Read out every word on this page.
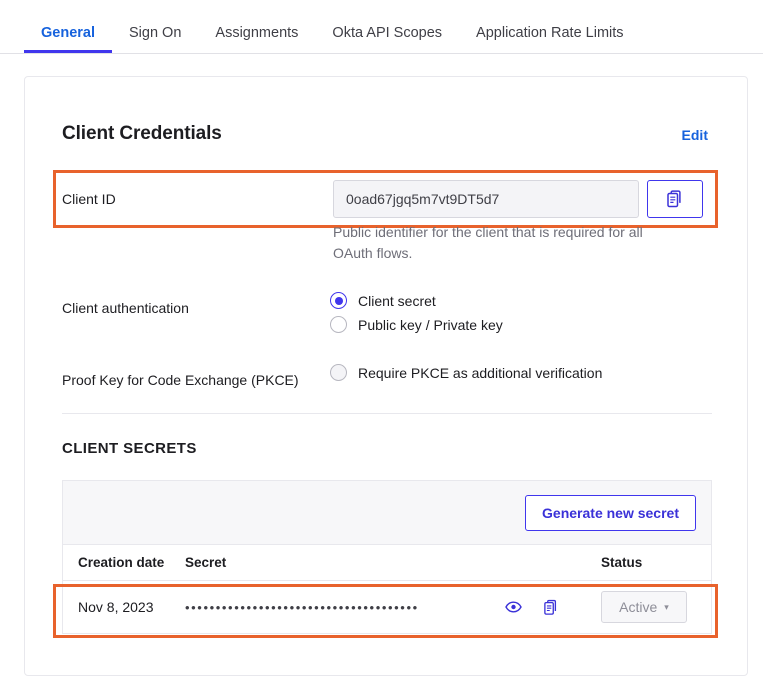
General	Sign On	Assignments	Okta API Scopes	Application Rate Limits
Client Credentials	Edit
Client ID	0oad67jgq5m7vt9DT5d7
Public identifier for the client that is required for all OAuth flows.
Client authentication	Client secret
Public key / Private key
Proof Key for Code Exchange (PKCE)	Require PKCE as additional verification
CLIENT SECRETS
Generate new secret
Creation date	Secret	Status
Nov 8, 2023	••••••••••••••••••••••••••••••••••••••	Active ▾
